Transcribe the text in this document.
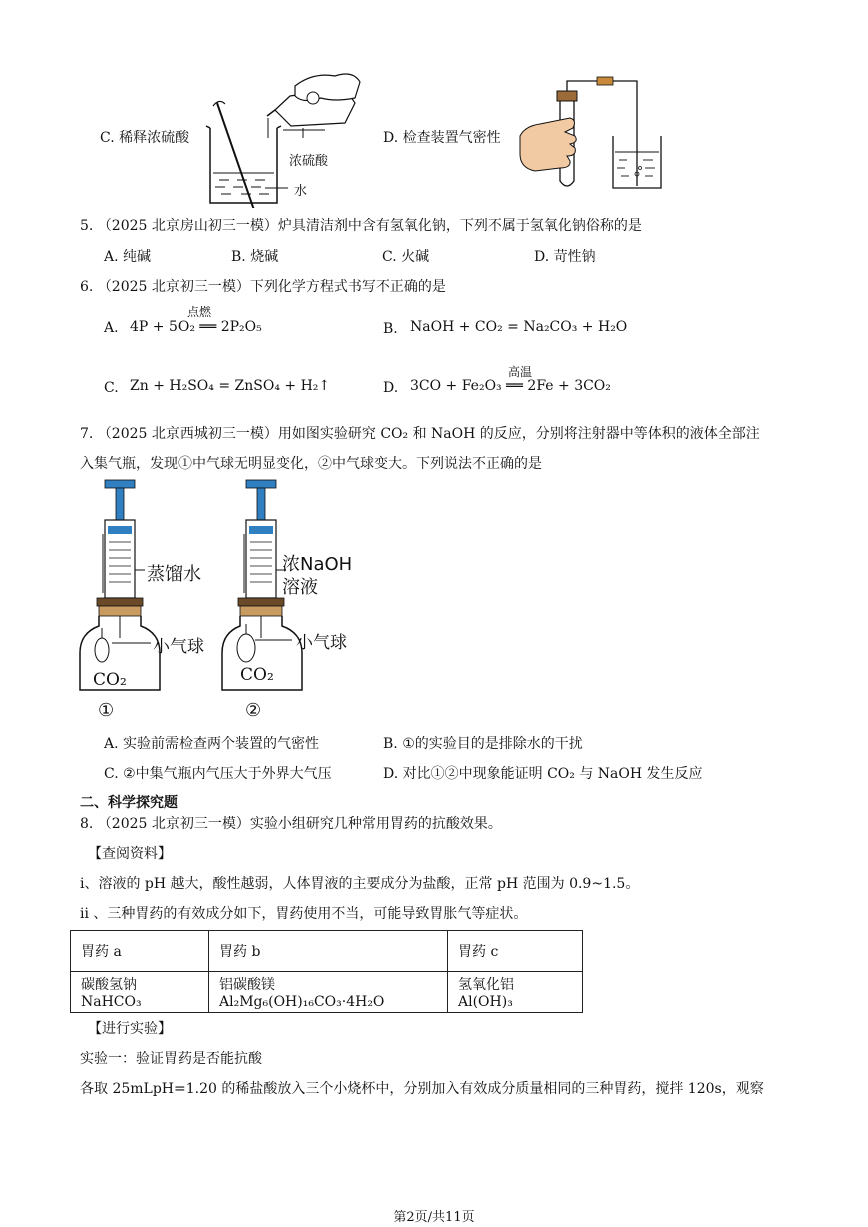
C. 稀释浓硫酸
浓硫酸
水
D. 检查装置气密性
5. （2025 北京房山初三一模）炉具清洁剂中含有氢氧化钠，下列不属于氢氧化钠俗称的是
A. 纯碱	B. 烧碱	C. 火碱	D. 苛性钠
6. （2025 北京初三一模）下列化学方程式书写不正确的是
A.
点燃
4P + 5O₂ ══ 2P₂O₅	B. NaOH + CO₂ = Na₂CO₃ + H₂O
C. Zn + H₂SO₄ = ZnSO₄ + H₂↑	D.
高温
3CO + Fe₂O₃ ══ 2Fe + 3CO₂
7. （2025 北京西城初三一模）用如图实验研究 CO₂ 和 NaOH 的反应，分别将注射器中等体积的液体全部注
入集气瓶，发现①中气球无明显变化，②中气球变大。下列说法不正确的是
蒸馏水
小气球
CO₂
①
浓NaOH
溶液
小气球
CO₂
②
A. 实验前需检查两个装置的气密性	B. ①的实验目的是排除水的干扰
C. ②中集气瓶内气压大于外界大气压	D. 对比①②中现象能证明 CO₂ 与 NaOH 发生反应
二、科学探究题
8. （2025 北京初三一模）实验小组研究几种常用胃药的抗酸效果。
【查阅资料】
i、溶液的 pH 越大，酸性越弱，人体胃液的主要成分为盐酸，正常 pH 范围为 0.9~1.5。
ii 、三种胃药的有效成分如下，胃药使用不当，可能导致胃胀气等症状。
胃药 a	胃药 b	胃药 c
碳酸氢钠 NaHCO₃	铝碳酸镁 Al₂Mg₆(OH)₁₆CO₃·4H₂O	氢氧化铝 Al(OH)₃
【进行实验】
实验一：验证胃药是否能抗酸
各取 25mLpH=1.20 的稀盐酸放入三个小烧杯中，分别加入有效成分质量相同的三种胃药，搅拌 120s，观察
第2页/共11页
